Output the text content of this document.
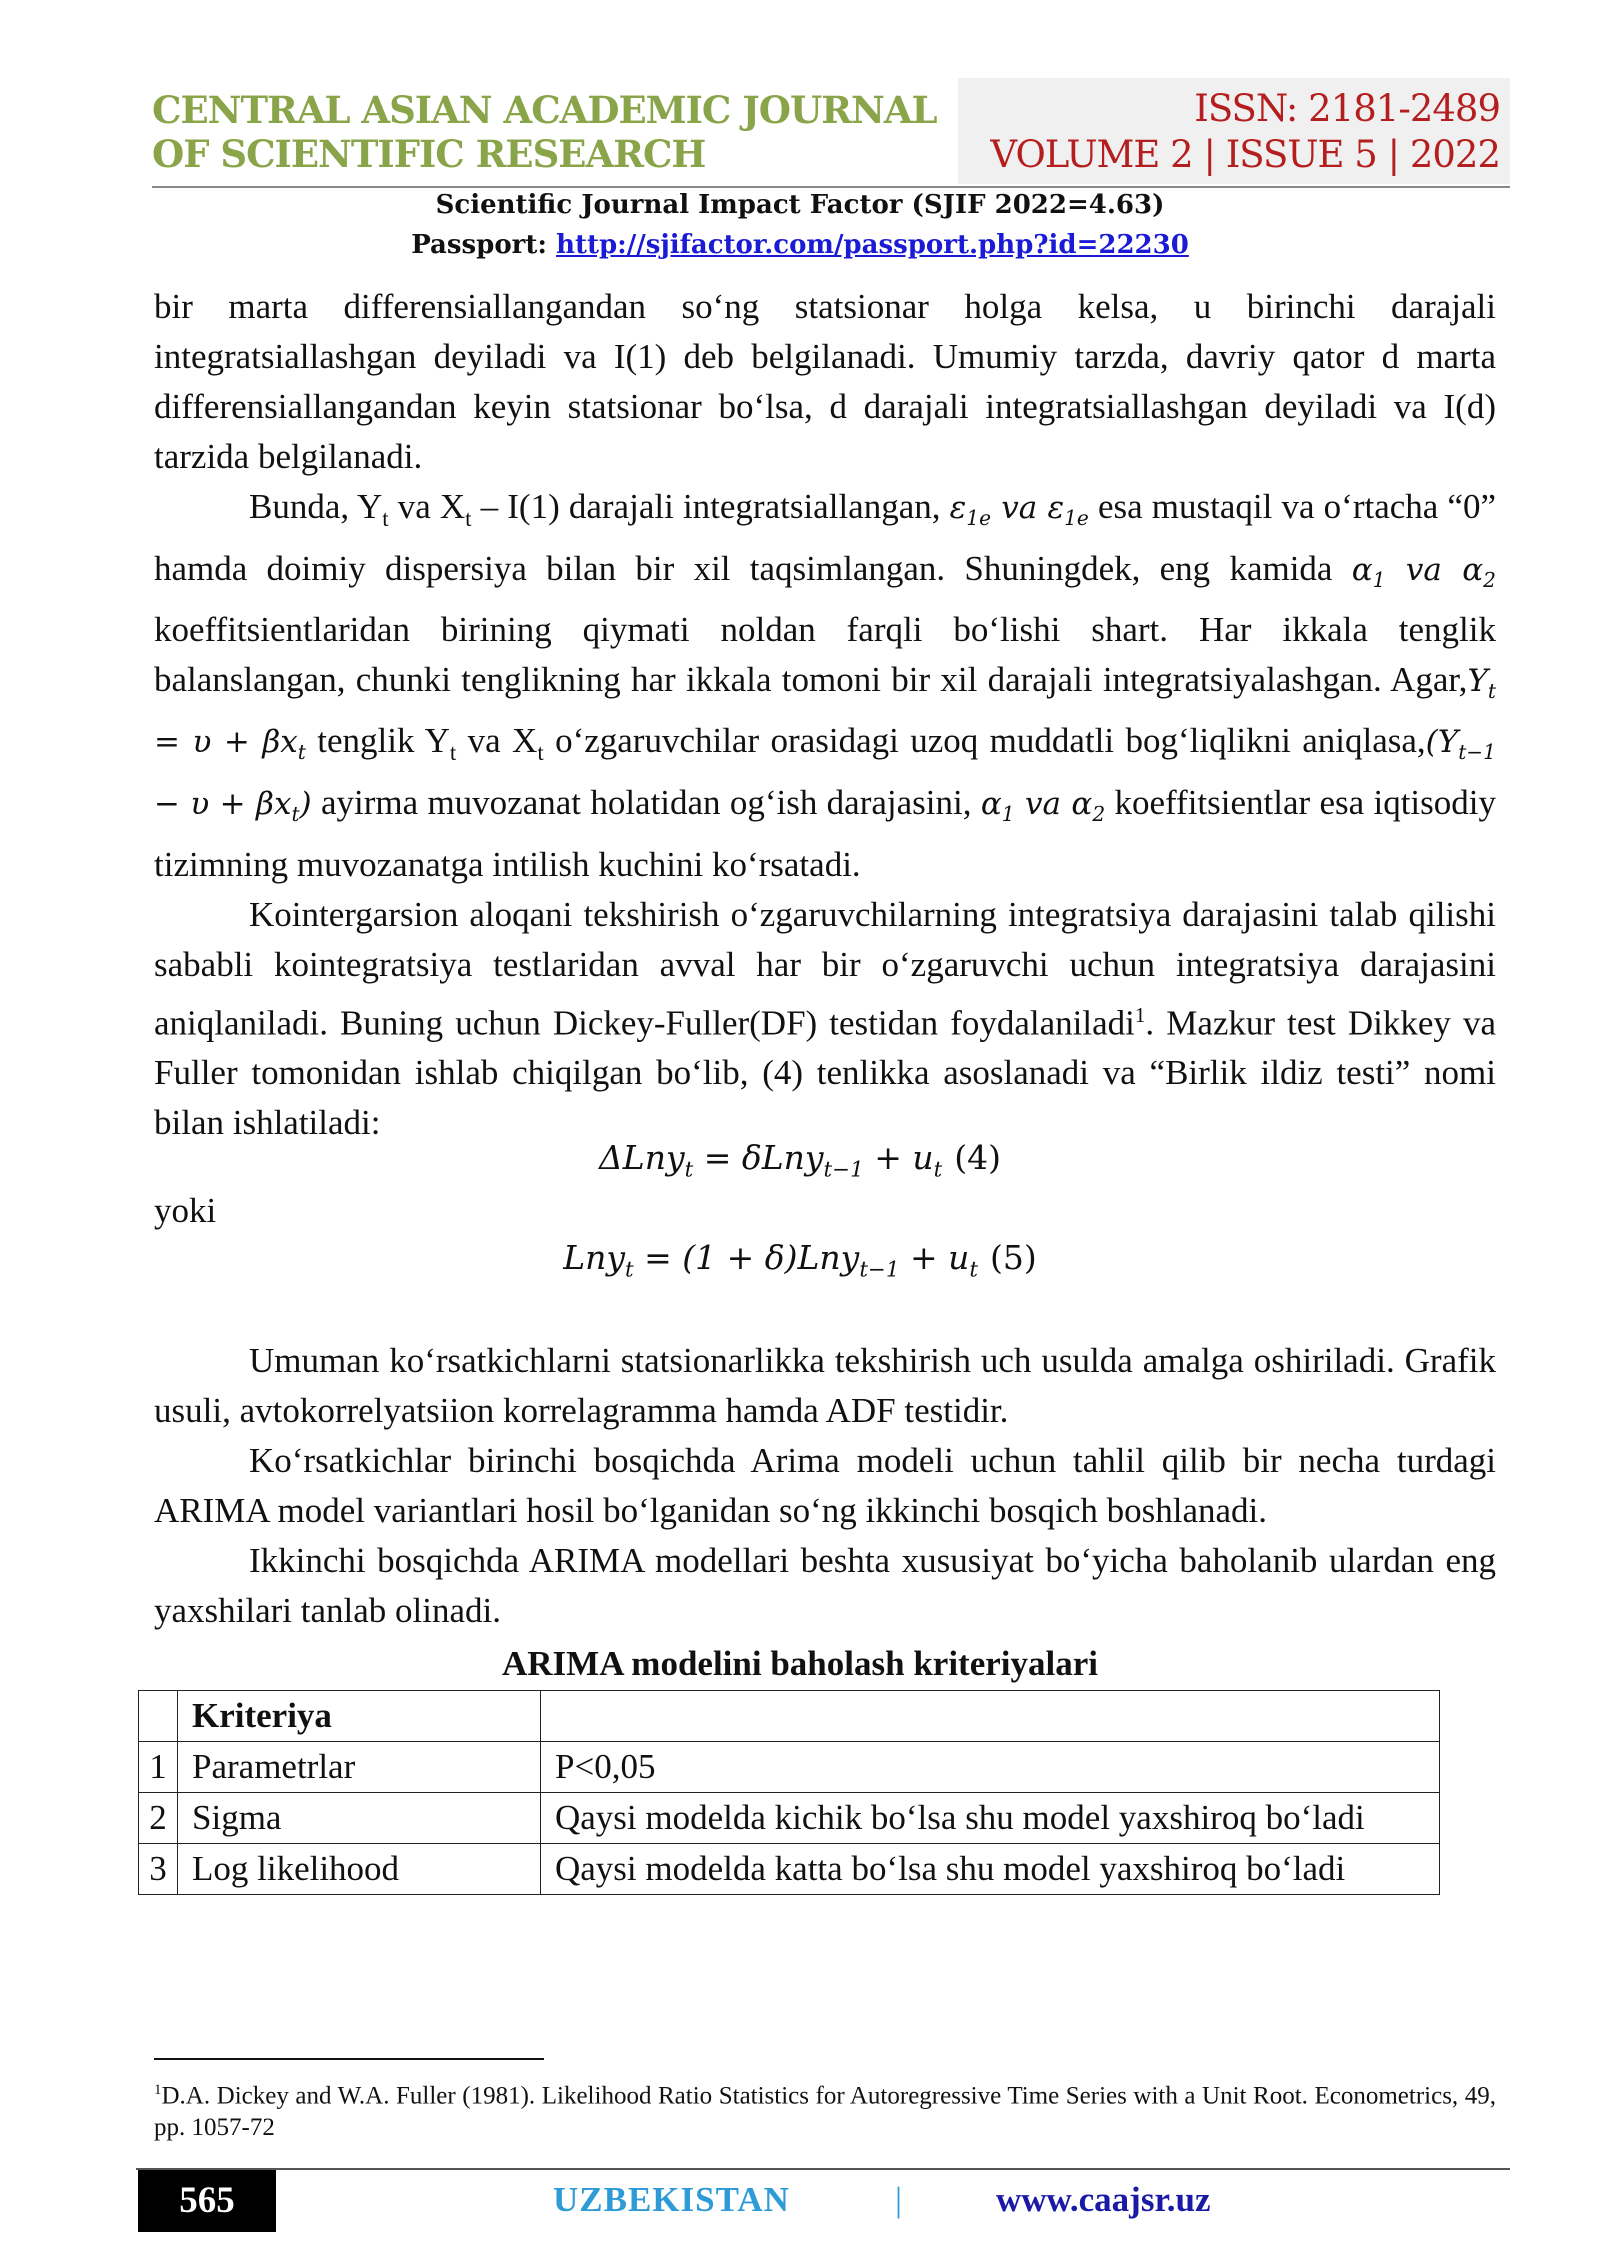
CENTRAL ASIAN ACADEMIC JOURNAL
OF SCIENTIFIC RESEARCH
ISSN: 2181-2489
VOLUME 2 | ISSUE 5 | 2022
Scientific Journal Impact Factor (SJIF 2022=4.63)
Passport: http://sjifactor.com/passport.php?id=22230

bir marta differensiallangandan so‘ng statsionar holga kelsa, u birinchi darajali integratsiallashgan deyiladi va I(1) deb belgilanadi. Umumiy tarzda, davriy qator d marta differensiallangandan keyin statsionar bo‘lsa, d darajali integratsiallashgan deyiladi va I(d) tarzida belgilanadi.

Bunda, $Y_t$ va $X_t - I(1)$ darajali integratsiallangan, $\varepsilon_{1e}$ va $\varepsilon_{1e}$ esa mustaqil va o‘rtacha “0” hamda doimiy dispersiya bilan bir xil taqsimlangan. Shuningdek, eng kamida $\alpha_1$ va $\alpha_2$ koeffitsientlaridan birining qiymati noldan farqli bo‘lishi shart. Har ikkala tenglik balanslangan, chunki tenglikning har ikkala tomoni bir xil darajali integratsiyalashgan. $Agar,Y_t = \upsilon + \beta x_t$ tenglik $Y_t$ va $X_t$ o‘zgaruvchilar orasidagi uzoq muddatli bog‘liqlikni $aniqlasa,(Y_{t-1} - \upsilon + \beta x_t)$ ayirma muvozanat holatidan og‘ish darajasini, $\alpha_1$ va $\alpha_2$ koeffitsientlar esa iqtisodiy tizimning muvozanatga intilish kuchini ko‘rsatadi.

Kointergarsion aloqani tekshirish o‘zgaruvchilarning integratsiya darajasini talab qilishi sababli kointegratsiya testlaridan avval har bir o‘zgaruvchi uchun integratsiya darajasini aniqlaniladi. Buning uchun Dickey-Fuller(DF) testidan foydalaniladi$^1$. Mazkur test Dikkey va Fuller tomonidan ishlab chiqilgan bo‘lib, (4) tenlikka asoslanadi va “Birlik ildiz testi” nomi bilan ishlatiladi:

$\Delta Lny_t = \delta Lny_{t-1} + u_t$ (4)

yoki

$Lny_t = (1 + \delta)Lny_{t-1} + u_t$ (5)

Umuman ko‘rsatkichlarni statsionarlikka tekshirish uch usulda amalga oshiriladi. Grafik usuli, avtokorrelyatsiion korrelagramma hamda ADF testidir.

Ko‘rsatkichlar birinchi bosqichda Arima modeli uchun tahlil qilib bir necha turdagi ARIMA model variantlari hosil bo‘lganidan so‘ng ikkinchi bosqich boshlanadi.

Ikkinchi bosqichda ARIMA modellari beshta xususiyat bo‘yicha baholanib ulardan eng yaxshilari tanlab olinadi.

ARIMA modelini baholash kriteriyalari
	Kriteriya	
1	Parametrlar	P<0,05
2	Sigma	Qaysi modelda kichik bo‘lsa shu model yaxshiroq bo‘ladi
3	Log likelihood	Qaysi modelda katta bo‘lsa shu model yaxshiroq bo‘ladi
$^1$D.A. Dickey and W.A. Fuller (1981). Likelihood Ratio Statistics for Autoregressive Time Series with a Unit Root. Econometrics, 49, pp. 1057-72
565	UZBEKISTAN	|	www.caajsr.uz
